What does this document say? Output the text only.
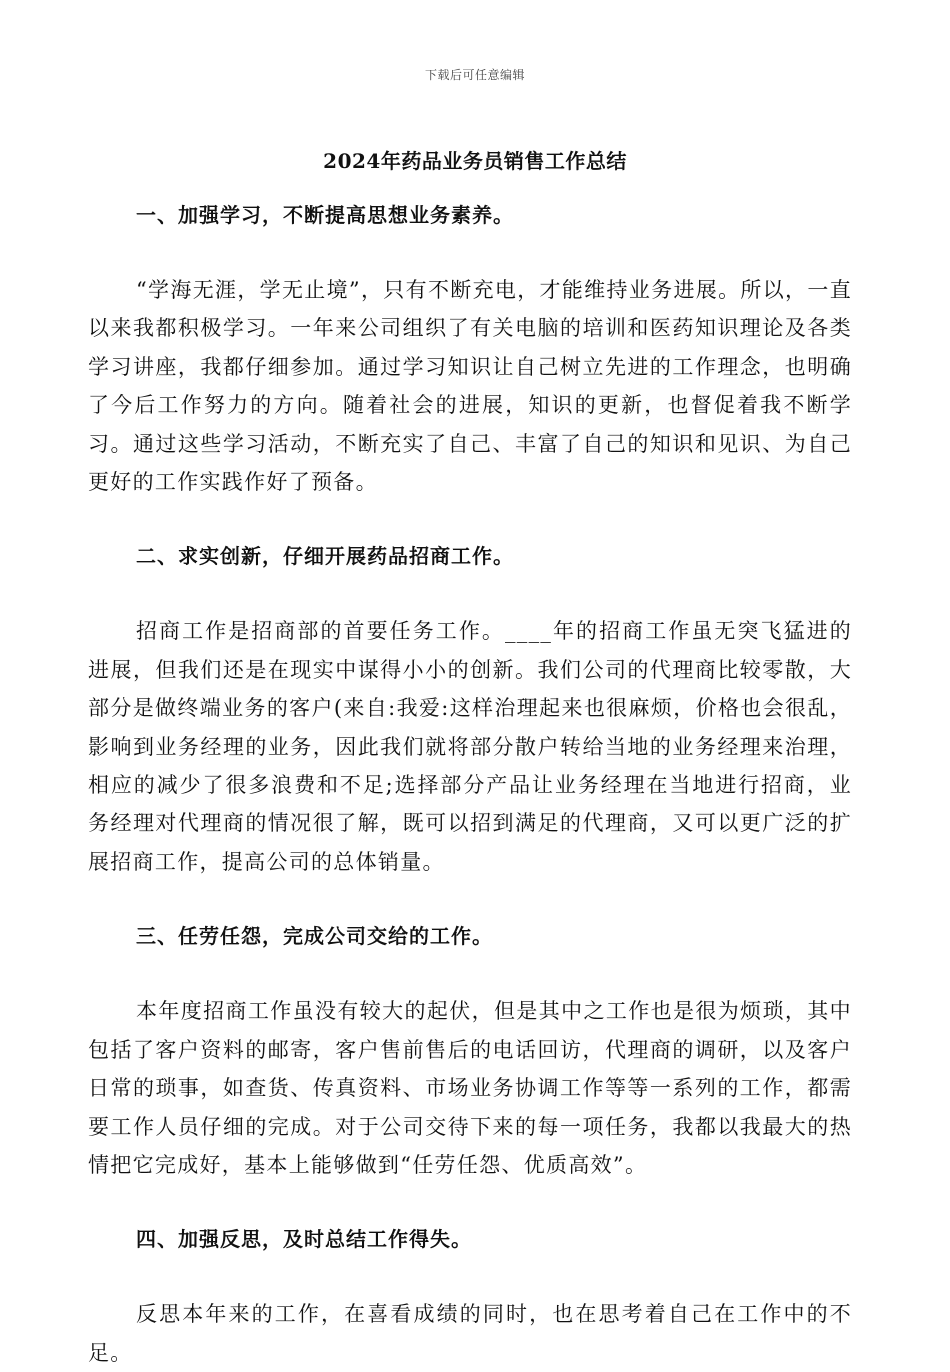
下载后可任意编辑
2024年药品业务员销售工作总结
一、加强学习，不断提高思想业务素养。

“学海无涯，学无止境”，只有不断充电，才能维持业务进展。所以，一直以来我都积极学习。一年来公司组织了有关电脑的培训和医药知识理论及各类学习讲座，我都仔细参加。通过学习知识让自己树立先进的工作理念，也明确了今后工作努力的方向。随着社会的进展，知识的更新，也督促着我不断学习。通过这些学习活动，不断充实了自己、丰富了自己的知识和见识、为自己更好的工作实践作好了预备。

二、求实创新，仔细开展药品招商工作。

招商工作是招商部的首要任务工作。____年的招商工作虽无突飞猛进的进展，但我们还是在现实中谋得小小的创新。我们公司的代理商比较零散，大部分是做终端业务的客户(来自:我爱:这样治理起来也很麻烦，价格也会很乱，影响到业务经理的业务，因此我们就将部分散户转给当地的业务经理来治理，相应的减少了很多浪费和不足;选择部分产品让业务经理在当地进行招商，业务经理对代理商的情况很了解，既可以招到满足的代理商，又可以更广泛的扩展招商工作，提高公司的总体销量。

三、任劳任怨，完成公司交给的工作。

本年度招商工作虽没有较大的起伏，但是其中之工作也是很为烦琐，其中包括了客户资料的邮寄，客户售前售后的电话回访，代理商的调研，以及客户日常的琐事，如查货、传真资料、市场业务协调工作等等一系列的工作，都需要工作人员仔细的完成。对于公司交待下来的每一项任务，我都以我最大的热情把它完成好，基本上能够做到“任劳任怨、优质高效”。

四、加强反思，及时总结工作得失。

反思本年来的工作，在喜看成绩的同时，也在思考着自己在工作中的不足。
